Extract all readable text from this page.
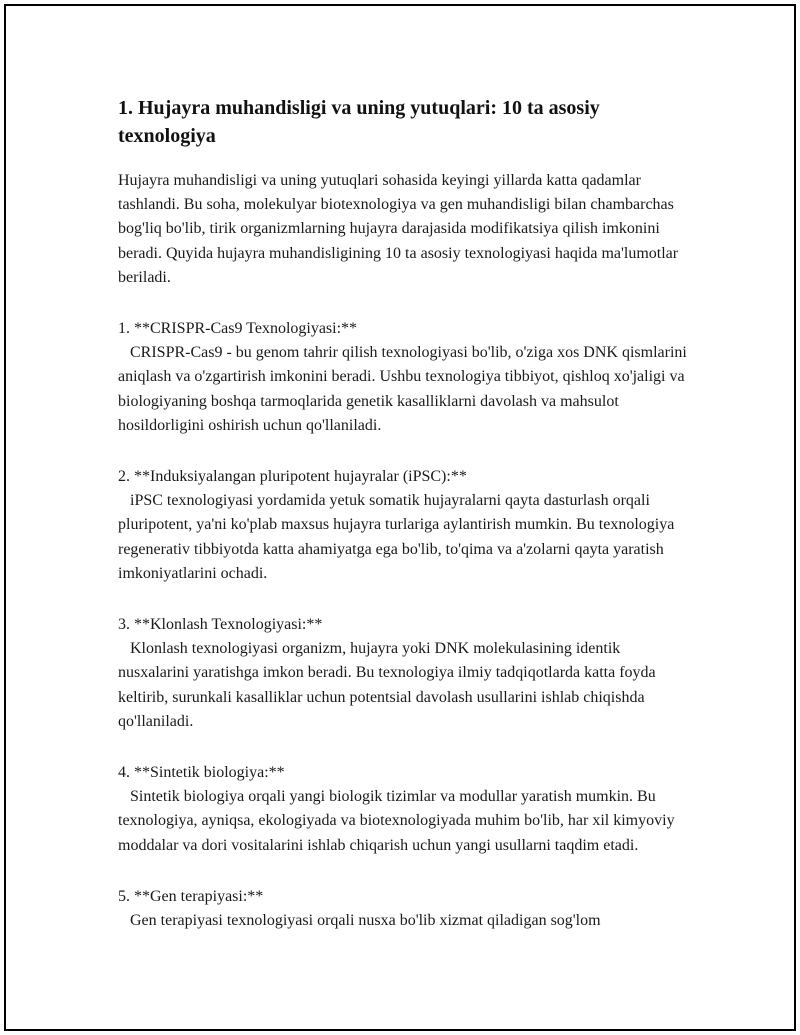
1. Hujayra muhandisligi va uning yutuqlari: 10 ta asosiy texnologiya

Hujayra muhandisligi va uning yutuqlari sohasida keyingi yillarda katta qadamlar tashlandi. Bu soha, molekulyar biotexnologiya va gen muhandisligi bilan chambarchas bog'liq bo'lib, tirik organizmlarning hujayra darajasida modifikatsiya qilish imkonini beradi. Quyida hujayra muhandisligining 10 ta asosiy texnologiyasi haqida ma'lumotlar beriladi.

1. **CRISPR-Cas9 Texnologiyasi:**
CRISPR-Cas9 - bu genom tahrir qilish texnologiyasi bo'lib, o'ziga xos DNK qismlarini aniqlash va o'zgartirish imkonini beradi. Ushbu texnologiya tibbiyot, qishloq xo'jaligi va biologiyaning boshqa tarmoqlarida genetik kasalliklarni davolash va mahsulot hosildorligini oshirish uchun qo'llaniladi.
2. **Induksiyalangan pluripotent hujayralar (iPSC):**
iPSC texnologiyasi yordamida yetuk somatik hujayralarni qayta dasturlash orqali pluripotent, ya'ni ko'plab maxsus hujayra turlariga aylantirish mumkin. Bu texnologiya regenerativ tibbiyotda katta ahamiyatga ega bo'lib, to'qima va a'zolarni qayta yaratish imkoniyatlarini ochadi.
3. **Klonlash Texnologiyasi:**
Klonlash texnologiyasi organizm, hujayra yoki DNK molekulasining identik nusxalarini yaratishga imkon beradi. Bu texnologiya ilmiy tadqiqotlarda katta foyda keltirib, surunkali kasalliklar uchun potentsial davolash usullarini ishlab chiqishda qo'llaniladi.
4. **Sintetik biologiya:**
Sintetik biologiya orqali yangi biologik tizimlar va modullar yaratish mumkin. Bu texnologiya, ayniqsa, ekologiyada va biotexnologiyada muhim bo'lib, har xil kimyoviy moddalar va dori vositalarini ishlab chiqarish uchun yangi usullarni taqdim etadi.
5. **Gen terapiyasi:**
Gen terapiyasi texnologiyasi orqali nusxa bo'lib xizmat qiladigan sog'lom
